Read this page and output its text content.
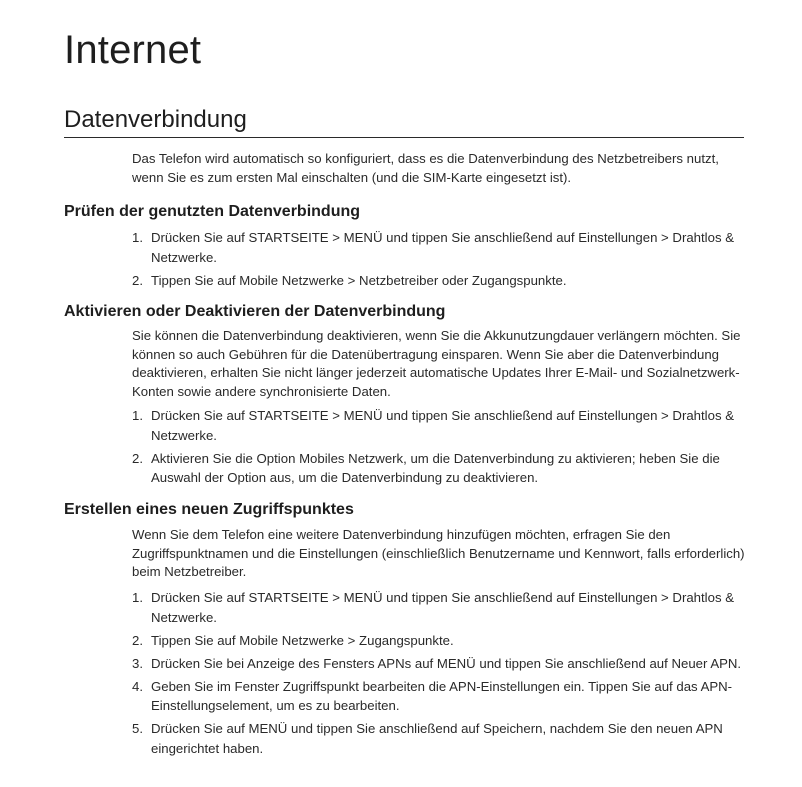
Internet
Datenverbindung

Das Telefon wird automatisch so konfiguriert, dass es die Datenverbindung des Netzbetreibers nutzt, wenn Sie es zum ersten Mal einschalten (und die SIM-Karte eingesetzt ist).

Prüfen der genutzten Datenverbindung
1. Drücken Sie auf STARTSEITE > MENÜ und tippen Sie anschließend auf Einstellungen > Drahtlos & Netzwerke.
2. Tippen Sie auf Mobile Netzwerke > Netzbetreiber oder Zugangspunkte.
Aktivieren oder Deaktivieren der Datenverbindung

Sie können die Datenverbindung deaktivieren, wenn Sie die Akkunutzungdauer verlängern möchten. Sie können so auch Gebühren für die Datenübertragung einsparen. Wenn Sie aber die Datenverbindung deaktivieren, erhalten Sie nicht länger jederzeit automatische Updates Ihrer E-Mail- und Sozialnetzwerk-Konten sowie andere synchronisierte Daten.

1. Drücken Sie auf STARTSEITE > MENÜ und tippen Sie anschließend auf Einstellungen > Drahtlos & Netzwerke.
2. Aktivieren Sie die Option Mobiles Netzwerk, um die Datenverbindung zu aktivieren; heben Sie die Auswahl der Option aus, um die Datenverbindung zu deaktivieren.
Erstellen eines neuen Zugriffspunktes

Wenn Sie dem Telefon eine weitere Datenverbindung hinzufügen möchten, erfragen Sie den Zugriffspunktnamen und die Einstellungen (einschließlich Benutzername und Kennwort, falls erforderlich) beim Netzbetreiber.

1. Drücken Sie auf STARTSEITE > MENÜ und tippen Sie anschließend auf Einstellungen > Drahtlos & Netzwerke.
2. Tippen Sie auf Mobile Netzwerke > Zugangspunkte.
3. Drücken Sie bei Anzeige des Fensters APNs auf MENÜ und tippen Sie anschließend auf Neuer APN.
4. Geben Sie im Fenster Zugriffspunkt bearbeiten die APN-Einstellungen ein. Tippen Sie auf das APN-Einstellungselement, um es zu bearbeiten.
5. Drücken Sie auf MENÜ und tippen Sie anschließend auf Speichern, nachdem Sie den neuen APN eingerichtet haben.
